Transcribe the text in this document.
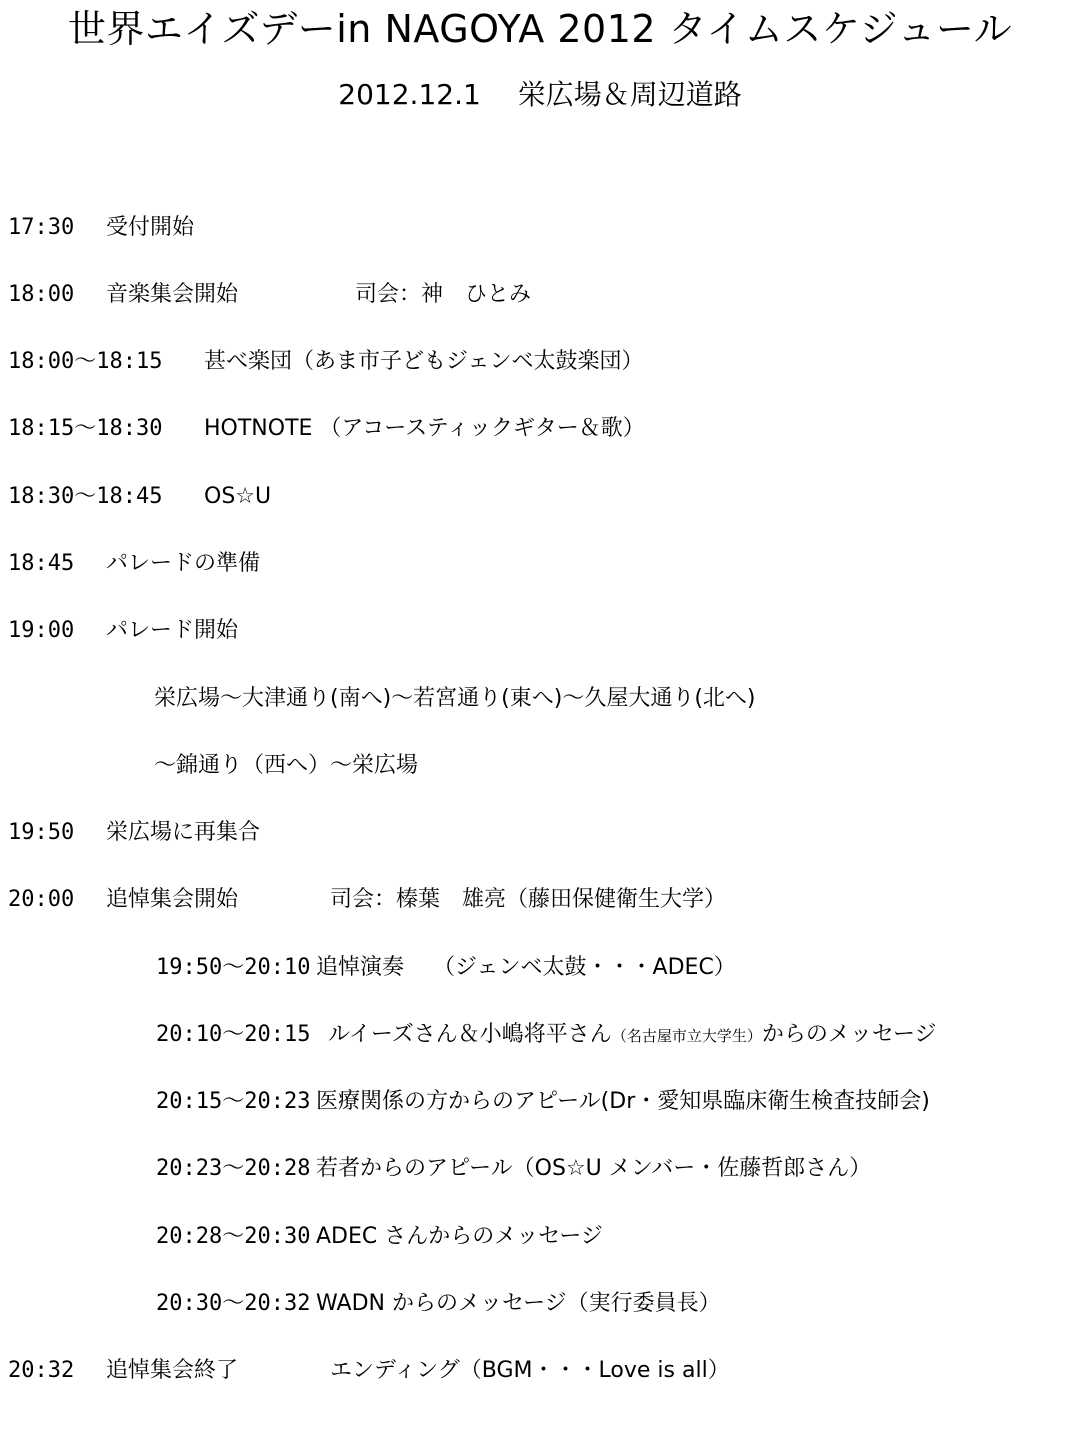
世界エイズデーin NAGOYA 2012 タイムスケジュール
2012.12.1　 栄広場＆周辺道路
17:30 受付開始
18:00 音楽集会開始	司会：神　ひとみ
18:00～18:15 甚べ楽団（あま市子どもジェンベ太鼓楽団）
18:15～18:30 HOTNOTE （アコースティックギター＆歌）
18:30～18:45 OS☆U
18:45 パレードの準備
19:00 パレード開始
栄広場～大津通り(南へ)～若宮通り(東へ)～久屋大通り(北へ)
～錦通り（西へ）～栄広場
19:50 栄広場に再集合
20:00 追悼集会開始	司会：榛葉　雄亮（藤田保健衛生大学）
19:50～20:10 追悼演奏　 （ジェンベ太鼓・・・ADEC）
20:10～20:15 ルイーズさん＆小嶋将平さん（名古屋市立大学生）からのメッセージ
20:15～20:23 医療関係の方からのアピール(Dr・愛知県臨床衛生検査技師会)
20:23～20:28 若者からのアピール（OS☆U メンバー・佐藤哲郎さん）
20:28～20:30 ADEC さんからのメッセージ
20:30～20:32 WADN からのメッセージ（実行委員長）
20:32 追悼集会終了	エンディング（BGM・・・Love is all）
